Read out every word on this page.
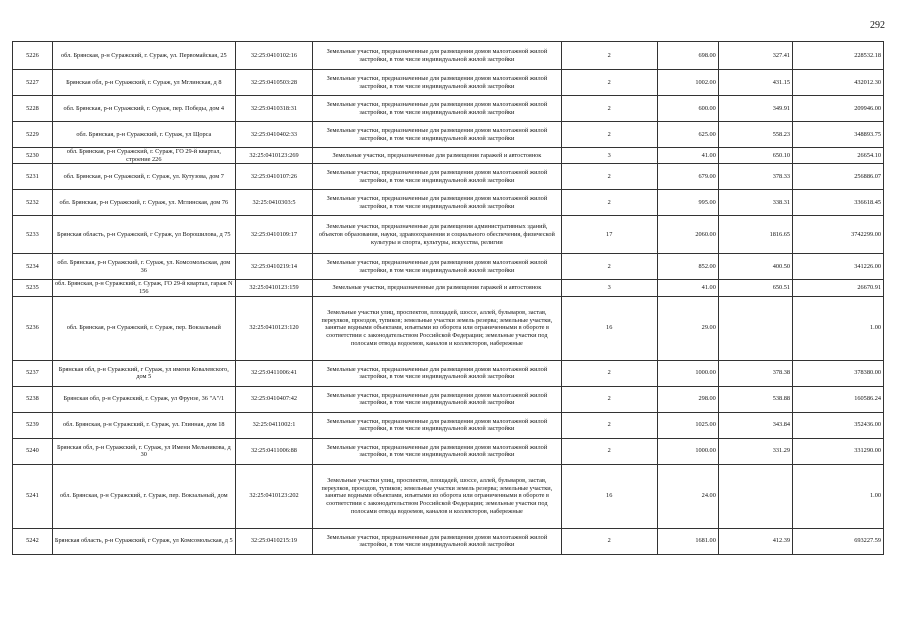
292
5226	обл. Брянская, р-н Суражский, г. Сураж, ул. Первомайская, 25	32:25:0410102:16	Земельные участки, предназначенные для размещения домов малоэтажной жилой застройки, в том числе индивидуальной жилой застройки	2	698.00	327.41	228532.18
5227	Брянская обл, р-н Суражский, г. Сураж, ул Мглинская, д 8	32:25:0410503:28	Земельные участки, предназначенные для размещения домов малоэтажной жилой застройки, в том числе индивидуальной жилой застройки	2	1002.00	431.15	432012.30
5228	обл. Брянская, р-н Суражский, г. Сураж, пер. Победы, дом 4	32:25:0410318:31	Земельные участки, предназначенные для размещения домов малоэтажной жилой застройки, в том числе индивидуальной жилой застройки	2	600.00	349.91	209946.00
5229	обл. Брянская, р-н Суражский, г. Сураж, ул Щорса	32:25:0410402:33	Земельные участки, предназначенные для размещения домов малоэтажной жилой застройки, в том числе индивидуальной жилой застройки	2	625.00	558.23	348893.75
5230	обл. Брянская, р-н Суражский, г. Сураж, ГО 29-й квартал, строение 226	32:25:0410123:269	Земельные участки, предназначенные для размещения гаражей и автостоянок	3	41.00	650.10	26654.10
5231	обл. Брянская, р-н Суражский, г. Сураж, ул. Кутузова, дом 7	32:25:0410107:26	Земельные участки, предназначенные для размещения домов малоэтажной жилой застройки, в том числе индивидуальной жилой застройки	2	679.00	378.33	256886.07
5232	обл. Брянская, р-н Суражский, г. Сураж, ул. Мглинская, дом 76	32:25:0410303:5	Земельные участки, предназначенные для размещения домов малоэтажной жилой застройки, в том числе индивидуальной жилой застройки	2	995.00	338.31	336618.45
5233	Брянская область, р-н Суражский, г Сураж, ул Ворошилова, д 75	32:25:0410109:17	Земельные участки, предназначенные для размещения административных зданий, объектов образования, науки, здравоохранения и социального обеспечения, физической культуры и спорта, культуры, искусства, религии	17	2060.00	1816.65	3742299.00
5234	обл. Брянская, р-н Суражский, г. Сураж, ул. Комсомольская, дом 36	32:25:0410219:14	Земельные участки, предназначенные для размещения домов малоэтажной жилой застройки, в том числе индивидуальной жилой застройки	2	852.00	400.50	341226.00
5235	обл. Брянская, р-н Суражский, г. Сураж, ГО 29-й квартал, гараж N 156	32:25:0410123:159	Земельные участки, предназначенные для размещения гаражей и автостоянок	3	41.00	650.51	26670.91
5236	обл. Брянская, р-н Суражский, г. Сураж, пер. Вокзальный	32:25:0410123:120	Земельные участки улиц, проспектов, площадей, шоссе, аллей, бульваров, застав, переулков, проездов, тупиков; земельные участки земель резерва; земельные участки, занятые водными объектами, изъятыми из оборота или ограниченными в обороте в соответствии с законодательством Российской Федерации; земельные участки под полосами отвода водоемов, каналов и коллекторов, набережные	16	29.00		1.00
5237	Брянская обл, р-н Суражский, г Сураж, ул имени Ковалевского, дом 5	32:25:0411006:41	Земельные участки, предназначенные для размещения домов малоэтажной жилой застройки, в том числе индивидуальной жилой застройки	2	1000.00	378.38	378380.00
5238	Брянская обл, р-н Суражский, г. Сураж, ул Фрунзе, 36 "А"/1	32:25:0410407:42	Земельные участки, предназначенные для размещения домов малоэтажной жилой застройки, в том числе индивидуальной жилой застройки	2	298.00	538.88	160586.24
5239	обл. Брянская, р-н Суражский, г. Сураж, ул. Глинная, дом 18	32:25:0411002:1	Земельные участки, предназначенные для размещения домов малоэтажной жилой застройки, в том числе индивидуальной жилой застройки	2	1025.00	343.84	352436.00
5240	Брянская обл, р-н Суражский, г. Сураж, ул Имени Мельникова, д 30	32:25:0411006:88	Земельные участки, предназначенные для размещения домов малоэтажной жилой застройки, в том числе индивидуальной жилой застройки	2	1000.00	331.29	331290.00
5241	обл. Брянская, р-н Суражский, г. Сураж, пер. Вокзальный, дом	32:25:0410123:202	Земельные участки улиц, проспектов, площадей, шоссе, аллей, бульваров, застав, переулков, проездов, тупиков; земельные участки земель резерва; земельные участки, занятые водными объектами, изъятыми из оборота или ограниченными в обороте в соответствии с законодательством Российской Федерации; земельные участки под полосами отвода водоемов, каналов и коллекторов, набережные	16	24.00		1.00
5242	Брянская область, р-н Суражский, г Сураж, ул Комсомольская, д 5	32:25:0410215:19	Земельные участки, предназначенные для размещения домов малоэтажной жилой застройки, в том числе индивидуальной жилой застройки	2	1681.00	412.39	693227.59
